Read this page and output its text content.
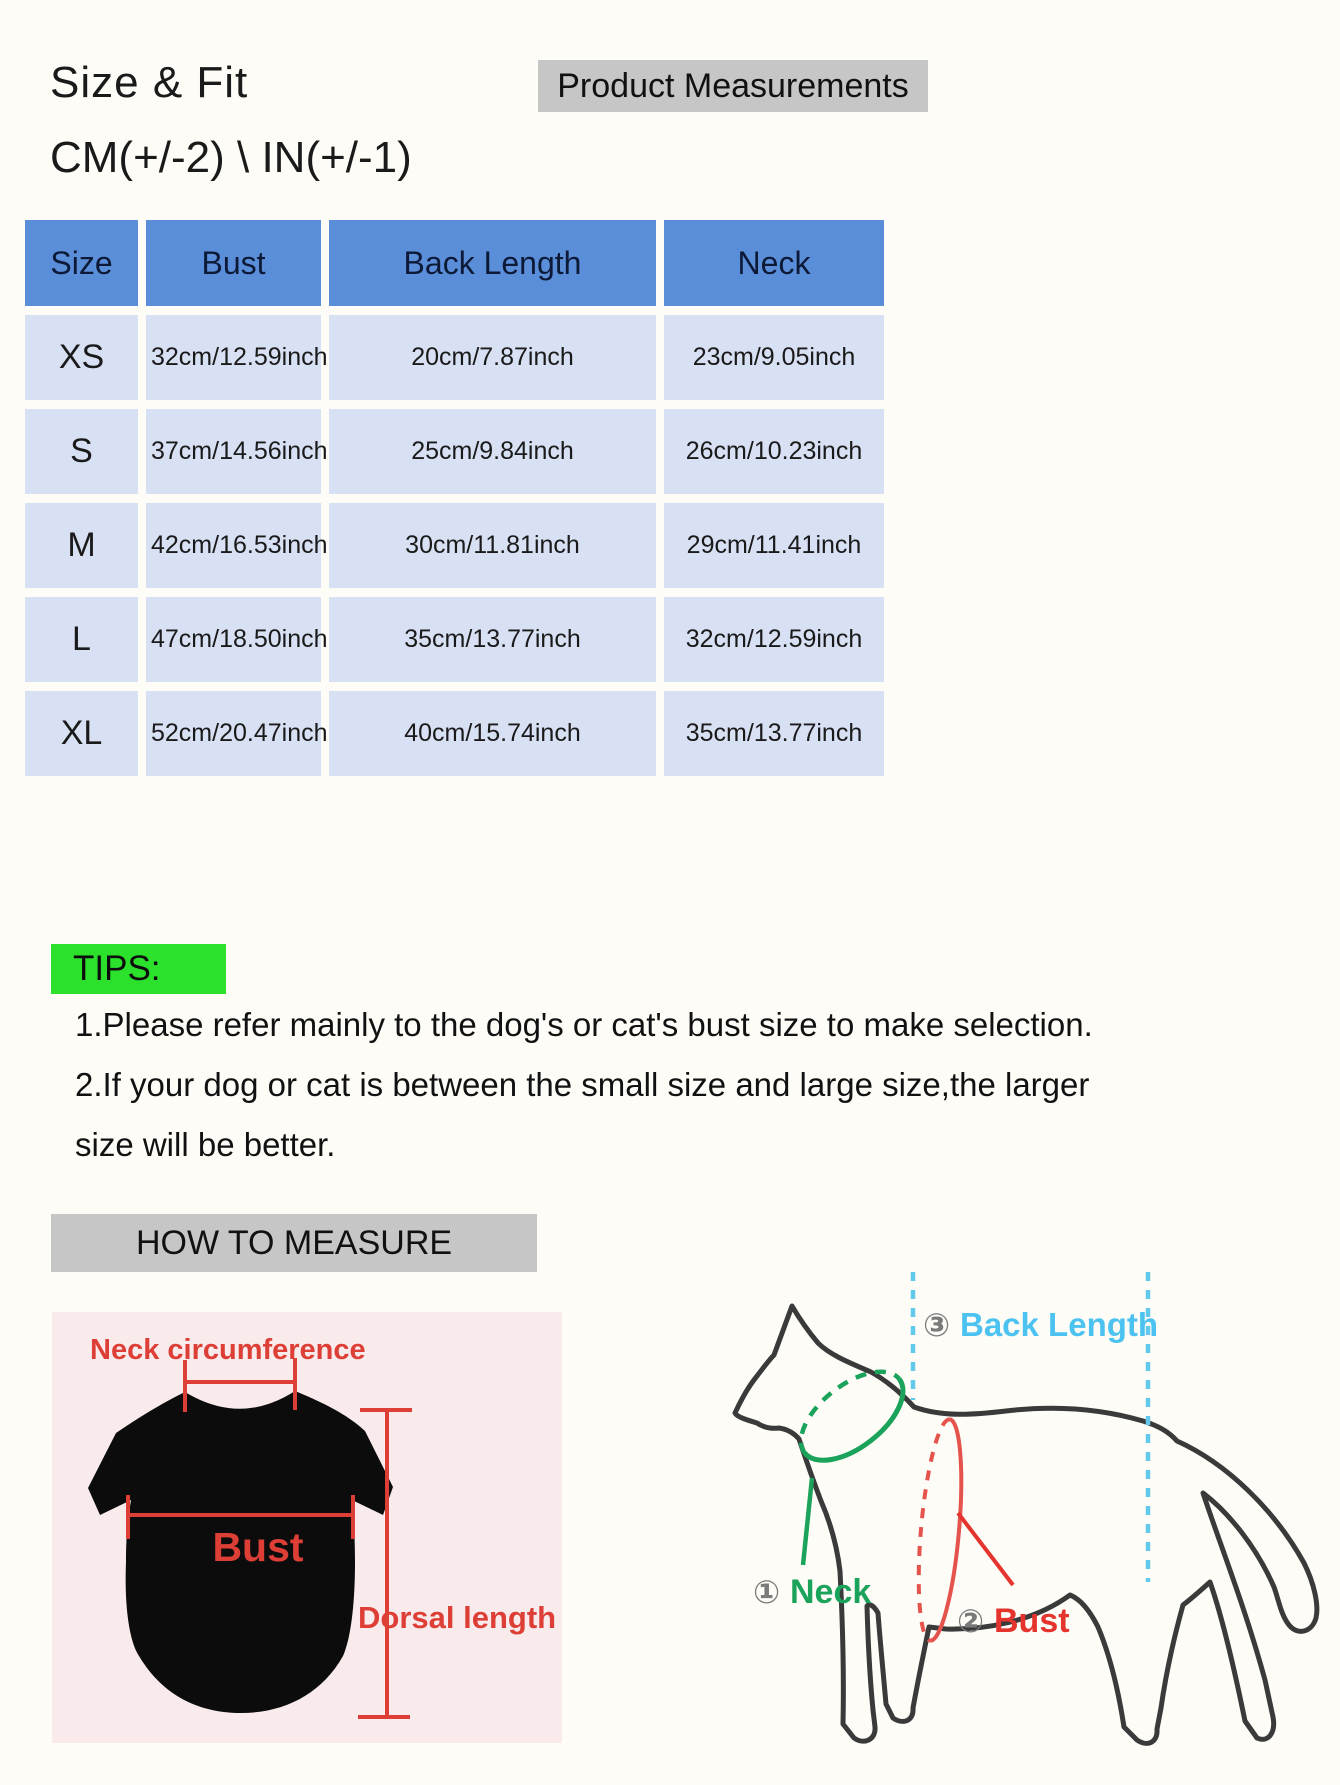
Size & Fit	Product Measurements
CM(+/-2) \ IN(+/-1)
Size	Bust	Back Length	Neck
XS	32cm/12.59inch	20cm/7.87inch	23cm/9.05inch
S	37cm/14.56inch	25cm/9.84inch	26cm/10.23inch
M	42cm/16.53inch	30cm/11.81inch	29cm/11.41inch
L	47cm/18.50inch	35cm/13.77inch	32cm/12.59inch
XL	52cm/20.47inch	40cm/15.74inch	35cm/13.77inch
TIPS:

1.Please refer mainly to the dog's or cat's bust size to make selection.

2.If your dog or cat is between the small size and large size,the larger

size will be better.

HOW TO MEASURE
Neck circumference
Bust
Dorsal length
③ Back Length
① Neck
② Bust
